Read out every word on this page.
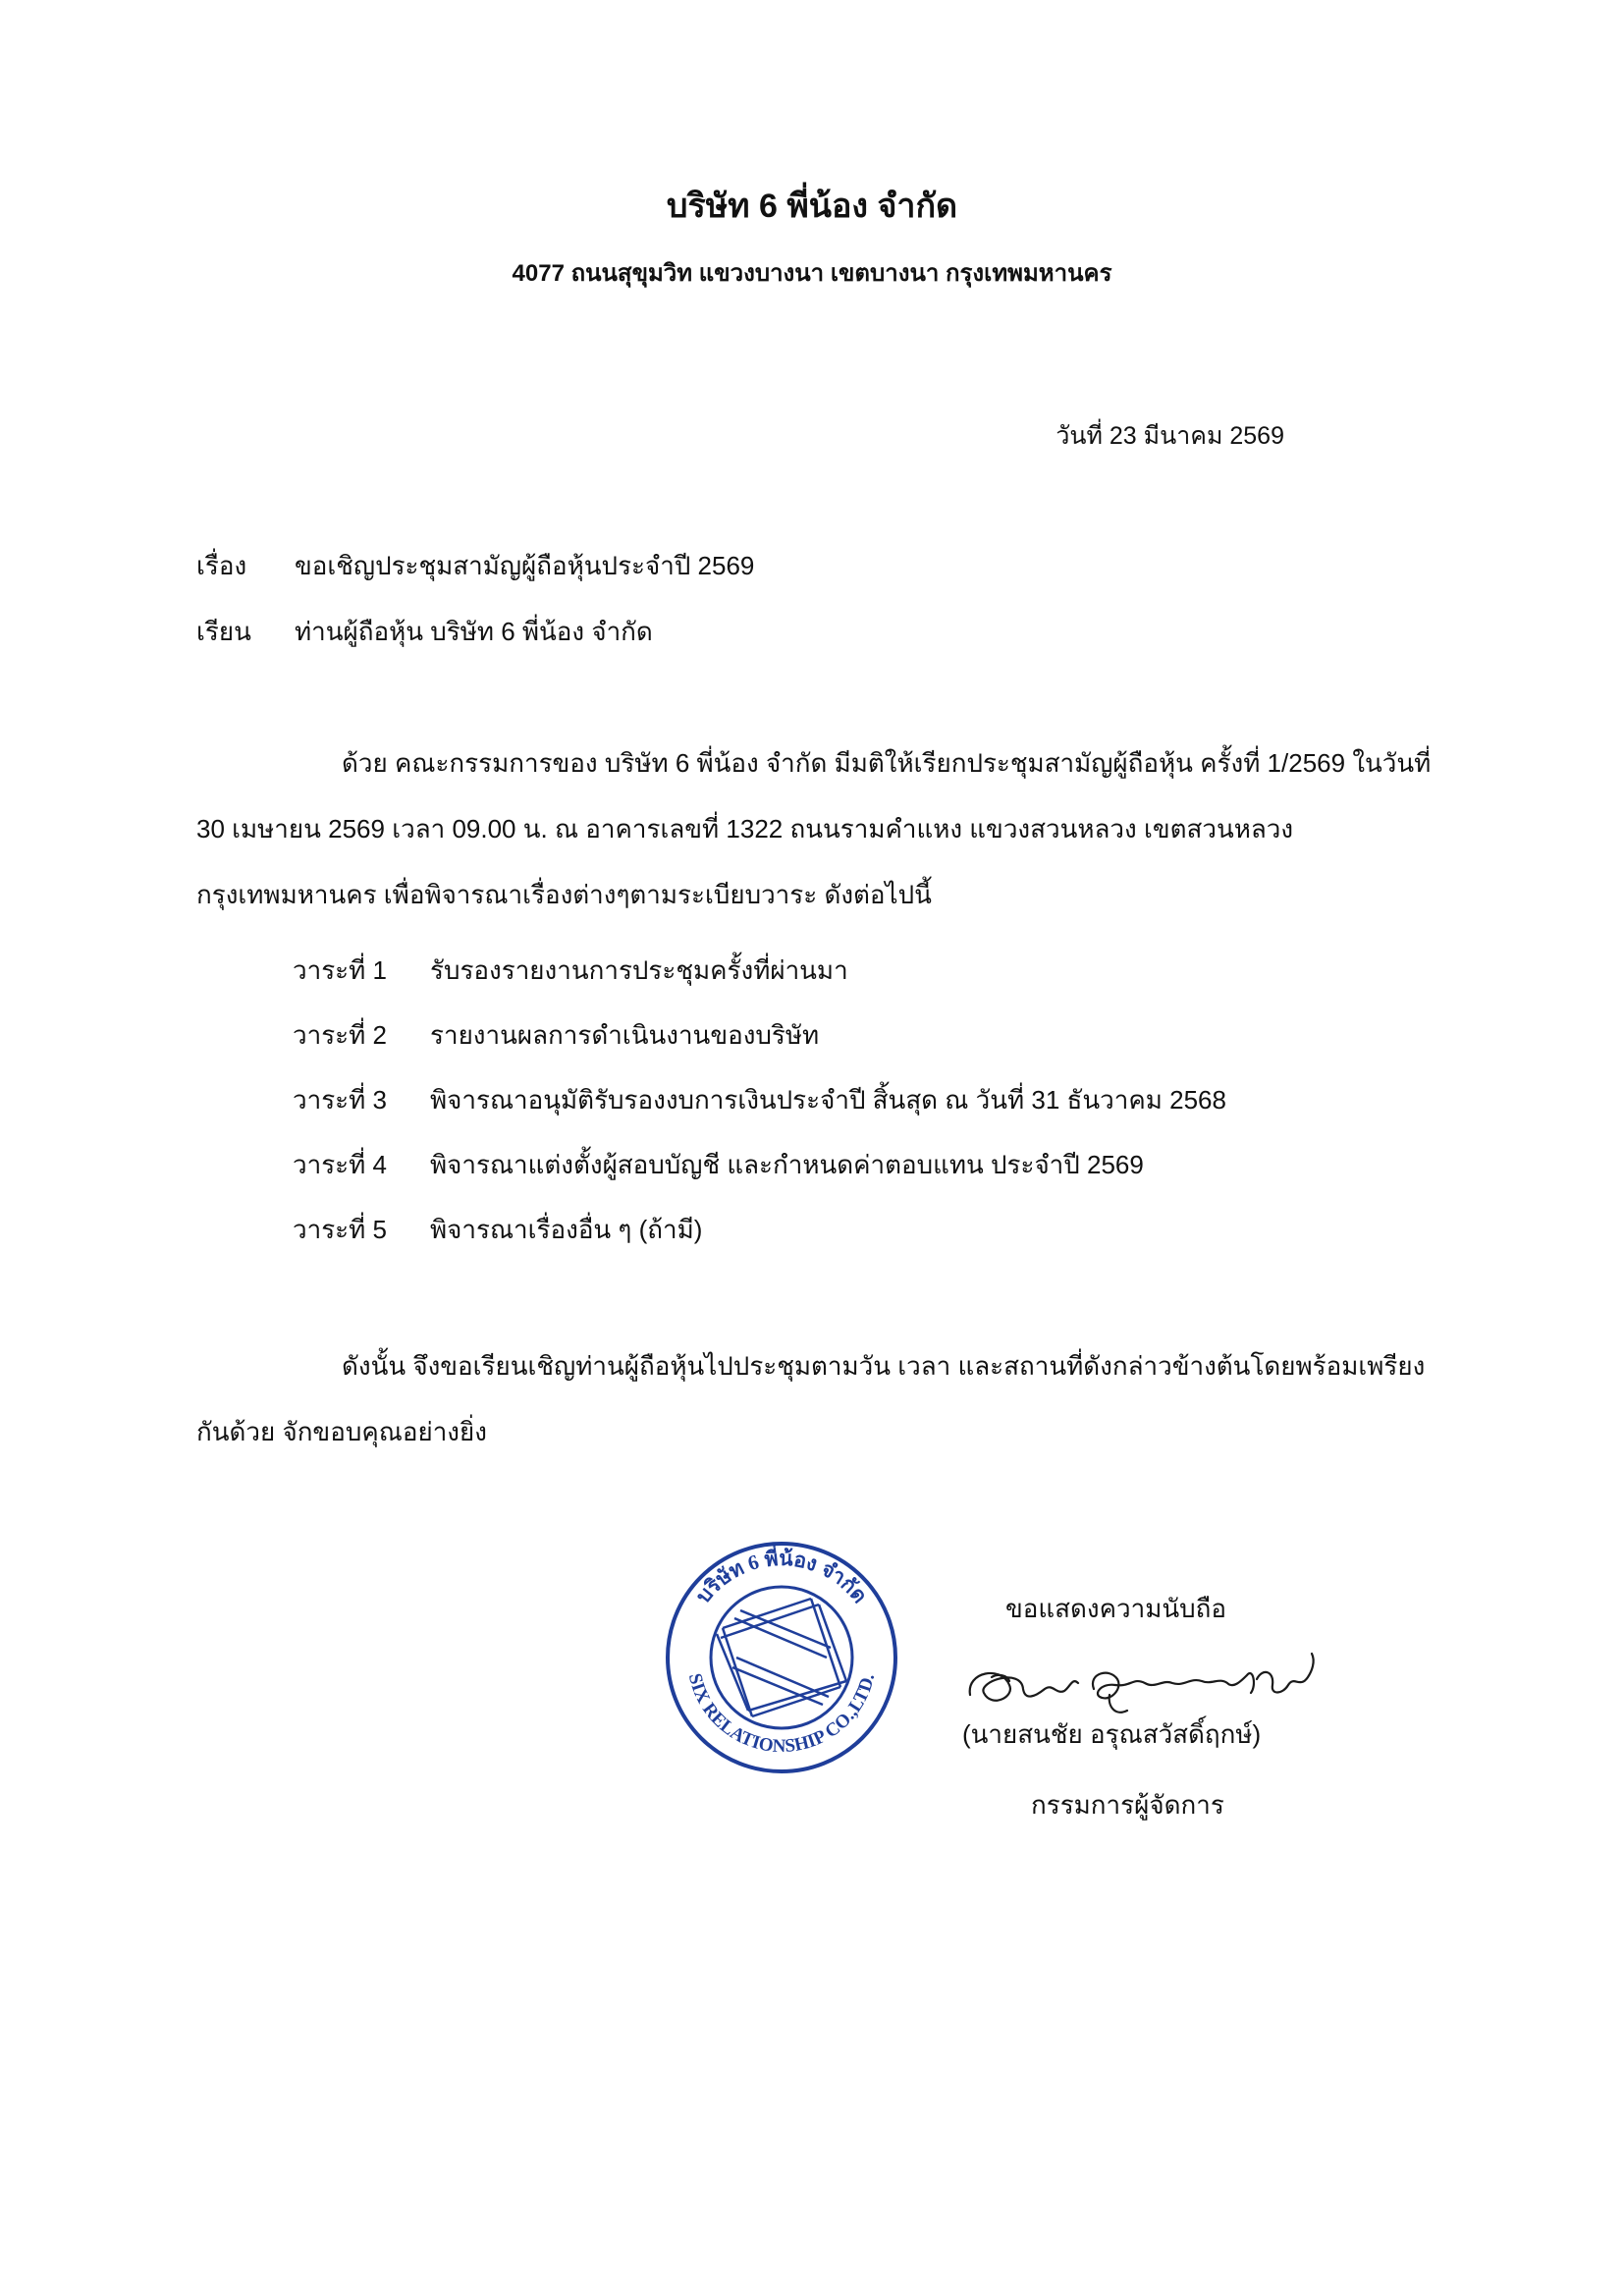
บริษัท 6 พี่น้อง จำกัด
4077 ถนนสุขุมวิท แขวงบางนา เขตบางนา กรุงเทพมหานคร
วันที่ 23 มีนาคม 2569
เรื่อง ขอเชิญประชุมสามัญผู้ถือหุ้นประจำปี 2569
เรียน ท่านผู้ถือหุ้น บริษัท 6 พี่น้อง จำกัด

ด้วย คณะกรรมการของ บริษัท 6 พี่น้อง จำกัด มีมติให้เรียกประชุมสามัญผู้ถือหุ้น ครั้งที่ 1/2569 ในวันที่ 30 เมษายน 2569 เวลา 09.00 น. ณ อาคารเลขที่ 1322 ถนนรามคำแหง แขวงสวนหลวง เขตสวนหลวง กรุงเทพมหานคร เพื่อพิจารณาเรื่องต่างๆตามระเบียบวาระ ดังต่อไปนี้

วาระที่ 1 รับรองรายงานการประชุมครั้งที่ผ่านมา
วาระที่ 2 รายงานผลการดำเนินงานของบริษัท
วาระที่ 3 พิจารณาอนุมัติรับรองงบการเงินประจำปี สิ้นสุด ณ วันที่ 31 ธันวาคม 2568
วาระที่ 4 พิจารณาแต่งตั้งผู้สอบบัญชี และกำหนดค่าตอบแทน ประจำปี 2569
วาระที่ 5 พิจารณาเรื่องอื่น ๆ (ถ้ามี)

ดังนั้น จึงขอเรียนเชิญท่านผู้ถือหุ้นไปประชุมตามวัน เวลา และสถานที่ดังกล่าวข้างต้นโดยพร้อมเพรียงกันด้วย จักขอบคุณอย่างยิ่ง

บริษัท 6 พี่น้อง จำกัด
SIX RELATIONSHIP CO.,LTD.
ขอแสดงความนับถือ
(นายสนชัย อรุณสวัสดิ์ฤกษ์)
กรรมการผู้จัดการ
